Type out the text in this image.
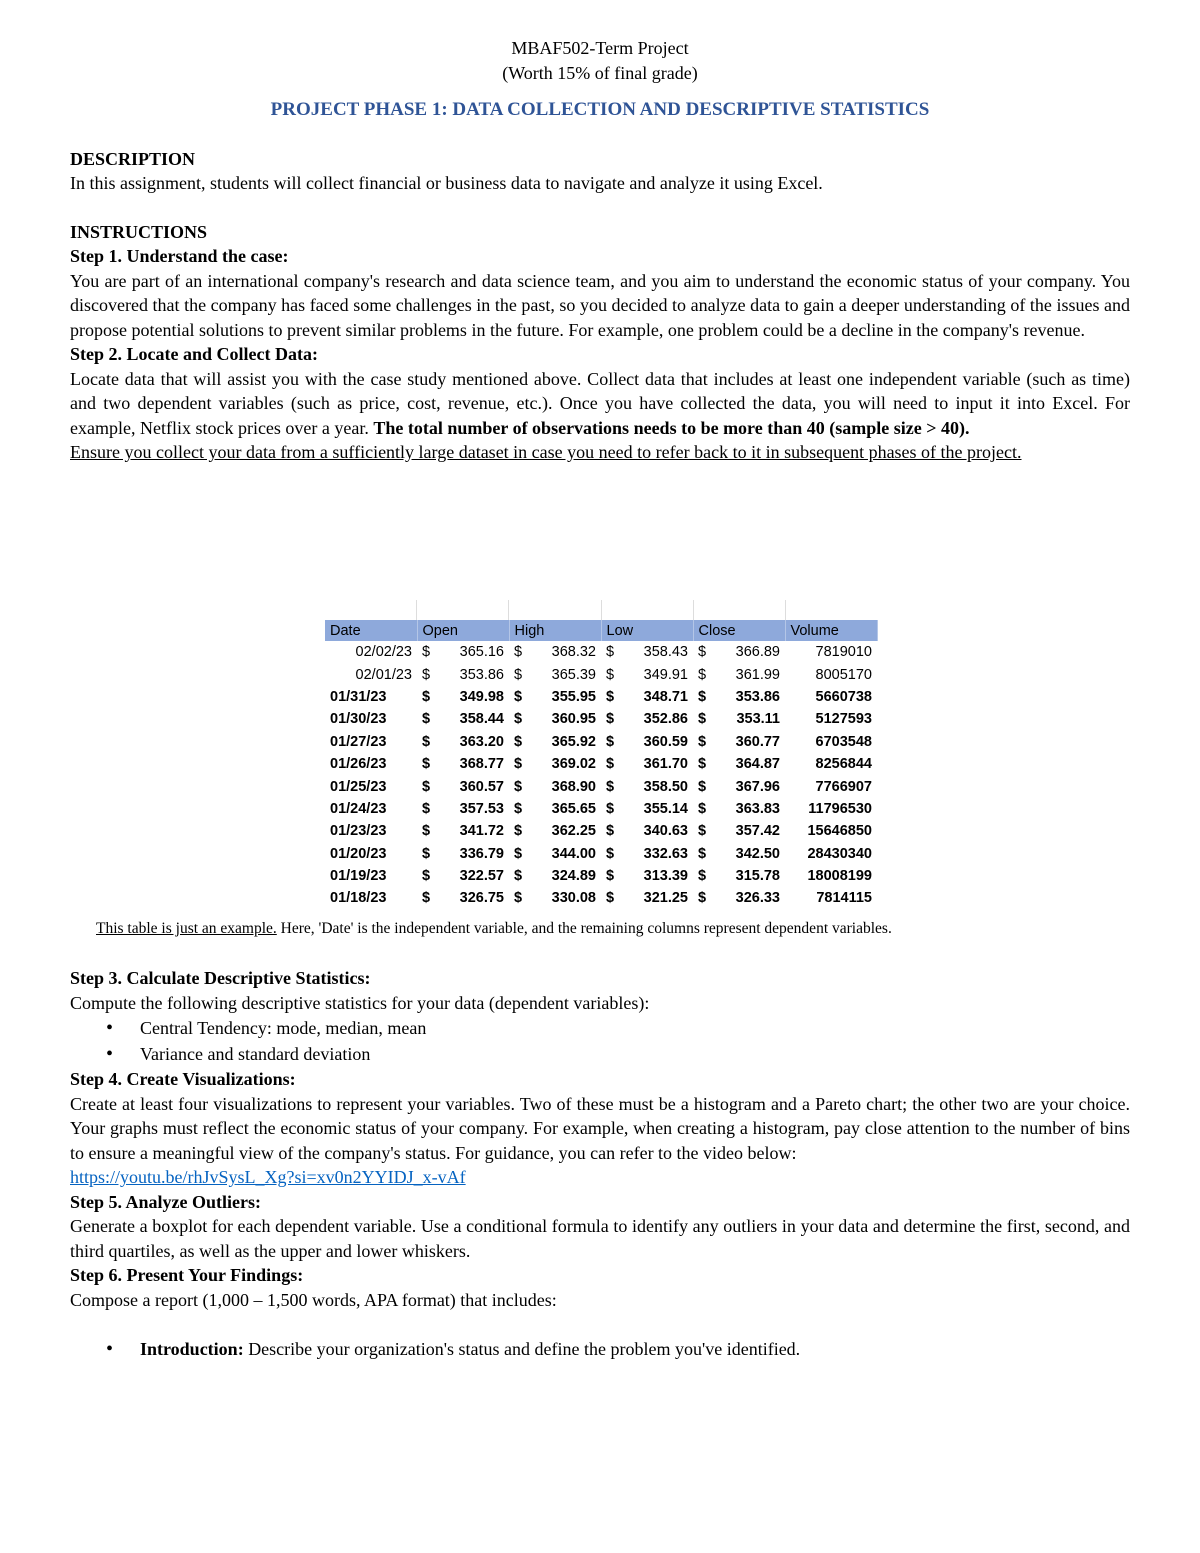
MBAF502-Term Project
(Worth 15% of final grade)
PROJECT PHASE 1: DATA COLLECTION AND DESCRIPTIVE STATISTICS
DESCRIPTION

In this assignment, students will collect financial or business data to navigate and analyze it using Excel.

INSTRUCTIONS

Step 1. Understand the case:

You are part of an international company's research and data science team, and you aim to understand the economic status of your company. You discovered that the company has faced some challenges in the past, so you decided to analyze data to gain a deeper understanding of the issues and propose potential solutions to prevent similar problems in the future. For example, one problem could be a decline in the company's revenue.

Step 2. Locate and Collect Data:

Locate data that will assist you with the case study mentioned above. Collect data that includes at least one independent variable (such as time) and two dependent variables (such as price, cost, revenue, etc.). Once you have collected the data, you will need to input it into Excel. For example, Netflix stock prices over a year. The total number of observations needs to be more than 40 (sample size > 40).

Ensure you collect your data from a sufficiently large dataset in case you need to refer back to it in subsequent phases of the project.

Date	Open	High	Low	Close	Volume
02/02/23	$ 365.16	$ 368.32	$ 358.43	$ 366.89	7819010
02/01/23	$ 353.86	$ 365.39	$ 349.91	$ 361.99	8005170
01/31/23	$ 349.98	$ 355.95	$ 348.71	$ 353.86	5660738
01/30/23	$ 358.44	$ 360.95	$ 352.86	$ 353.11	5127593
01/27/23	$ 363.20	$ 365.92	$ 360.59	$ 360.77	6703548
01/26/23	$ 368.77	$ 369.02	$ 361.70	$ 364.87	8256844
01/25/23	$ 360.57	$ 368.90	$ 358.50	$ 367.96	7766907
01/24/23	$ 357.53	$ 365.65	$ 355.14	$ 363.83	11796530
01/23/23	$ 341.72	$ 362.25	$ 340.63	$ 357.42	15646850
01/20/23	$ 336.79	$ 344.00	$ 332.63	$ 342.50	28430340
01/19/23	$ 322.57	$ 324.89	$ 313.39	$ 315.78	18008199
01/18/23	$ 326.75	$ 330.08	$ 321.25	$ 326.33	7814115
This table is just an example. Here, 'Date' is the independent variable, and the remaining columns represent dependent variables.

Step 3. Calculate Descriptive Statistics:

Compute the following descriptive statistics for your data (dependent variables):

• Central Tendency: mode, median, mean
• Variance and standard deviation

Step 4. Create Visualizations:

Create at least four visualizations to represent your variables. Two of these must be a histogram and a Pareto chart; the other two are your choice. Your graphs must reflect the economic status of your company. For example, when creating a histogram, pay close attention to the number of bins to ensure a meaningful view of the company's status. For guidance, you can refer to the video below:

https://youtu.be/rhJvSysL_Xg?si=xv0n2YYIDJ_x-vAf

Step 5. Analyze Outliers:

Generate a boxplot for each dependent variable. Use a conditional formula to identify any outliers in your data and determine the first, second, and third quartiles, as well as the upper and lower whiskers.

Step 6. Present Your Findings:

Compose a report (1,000 – 1,500 words, APA format) that includes:

• Introduction: Describe your organization's status and define the problem you've identified.
